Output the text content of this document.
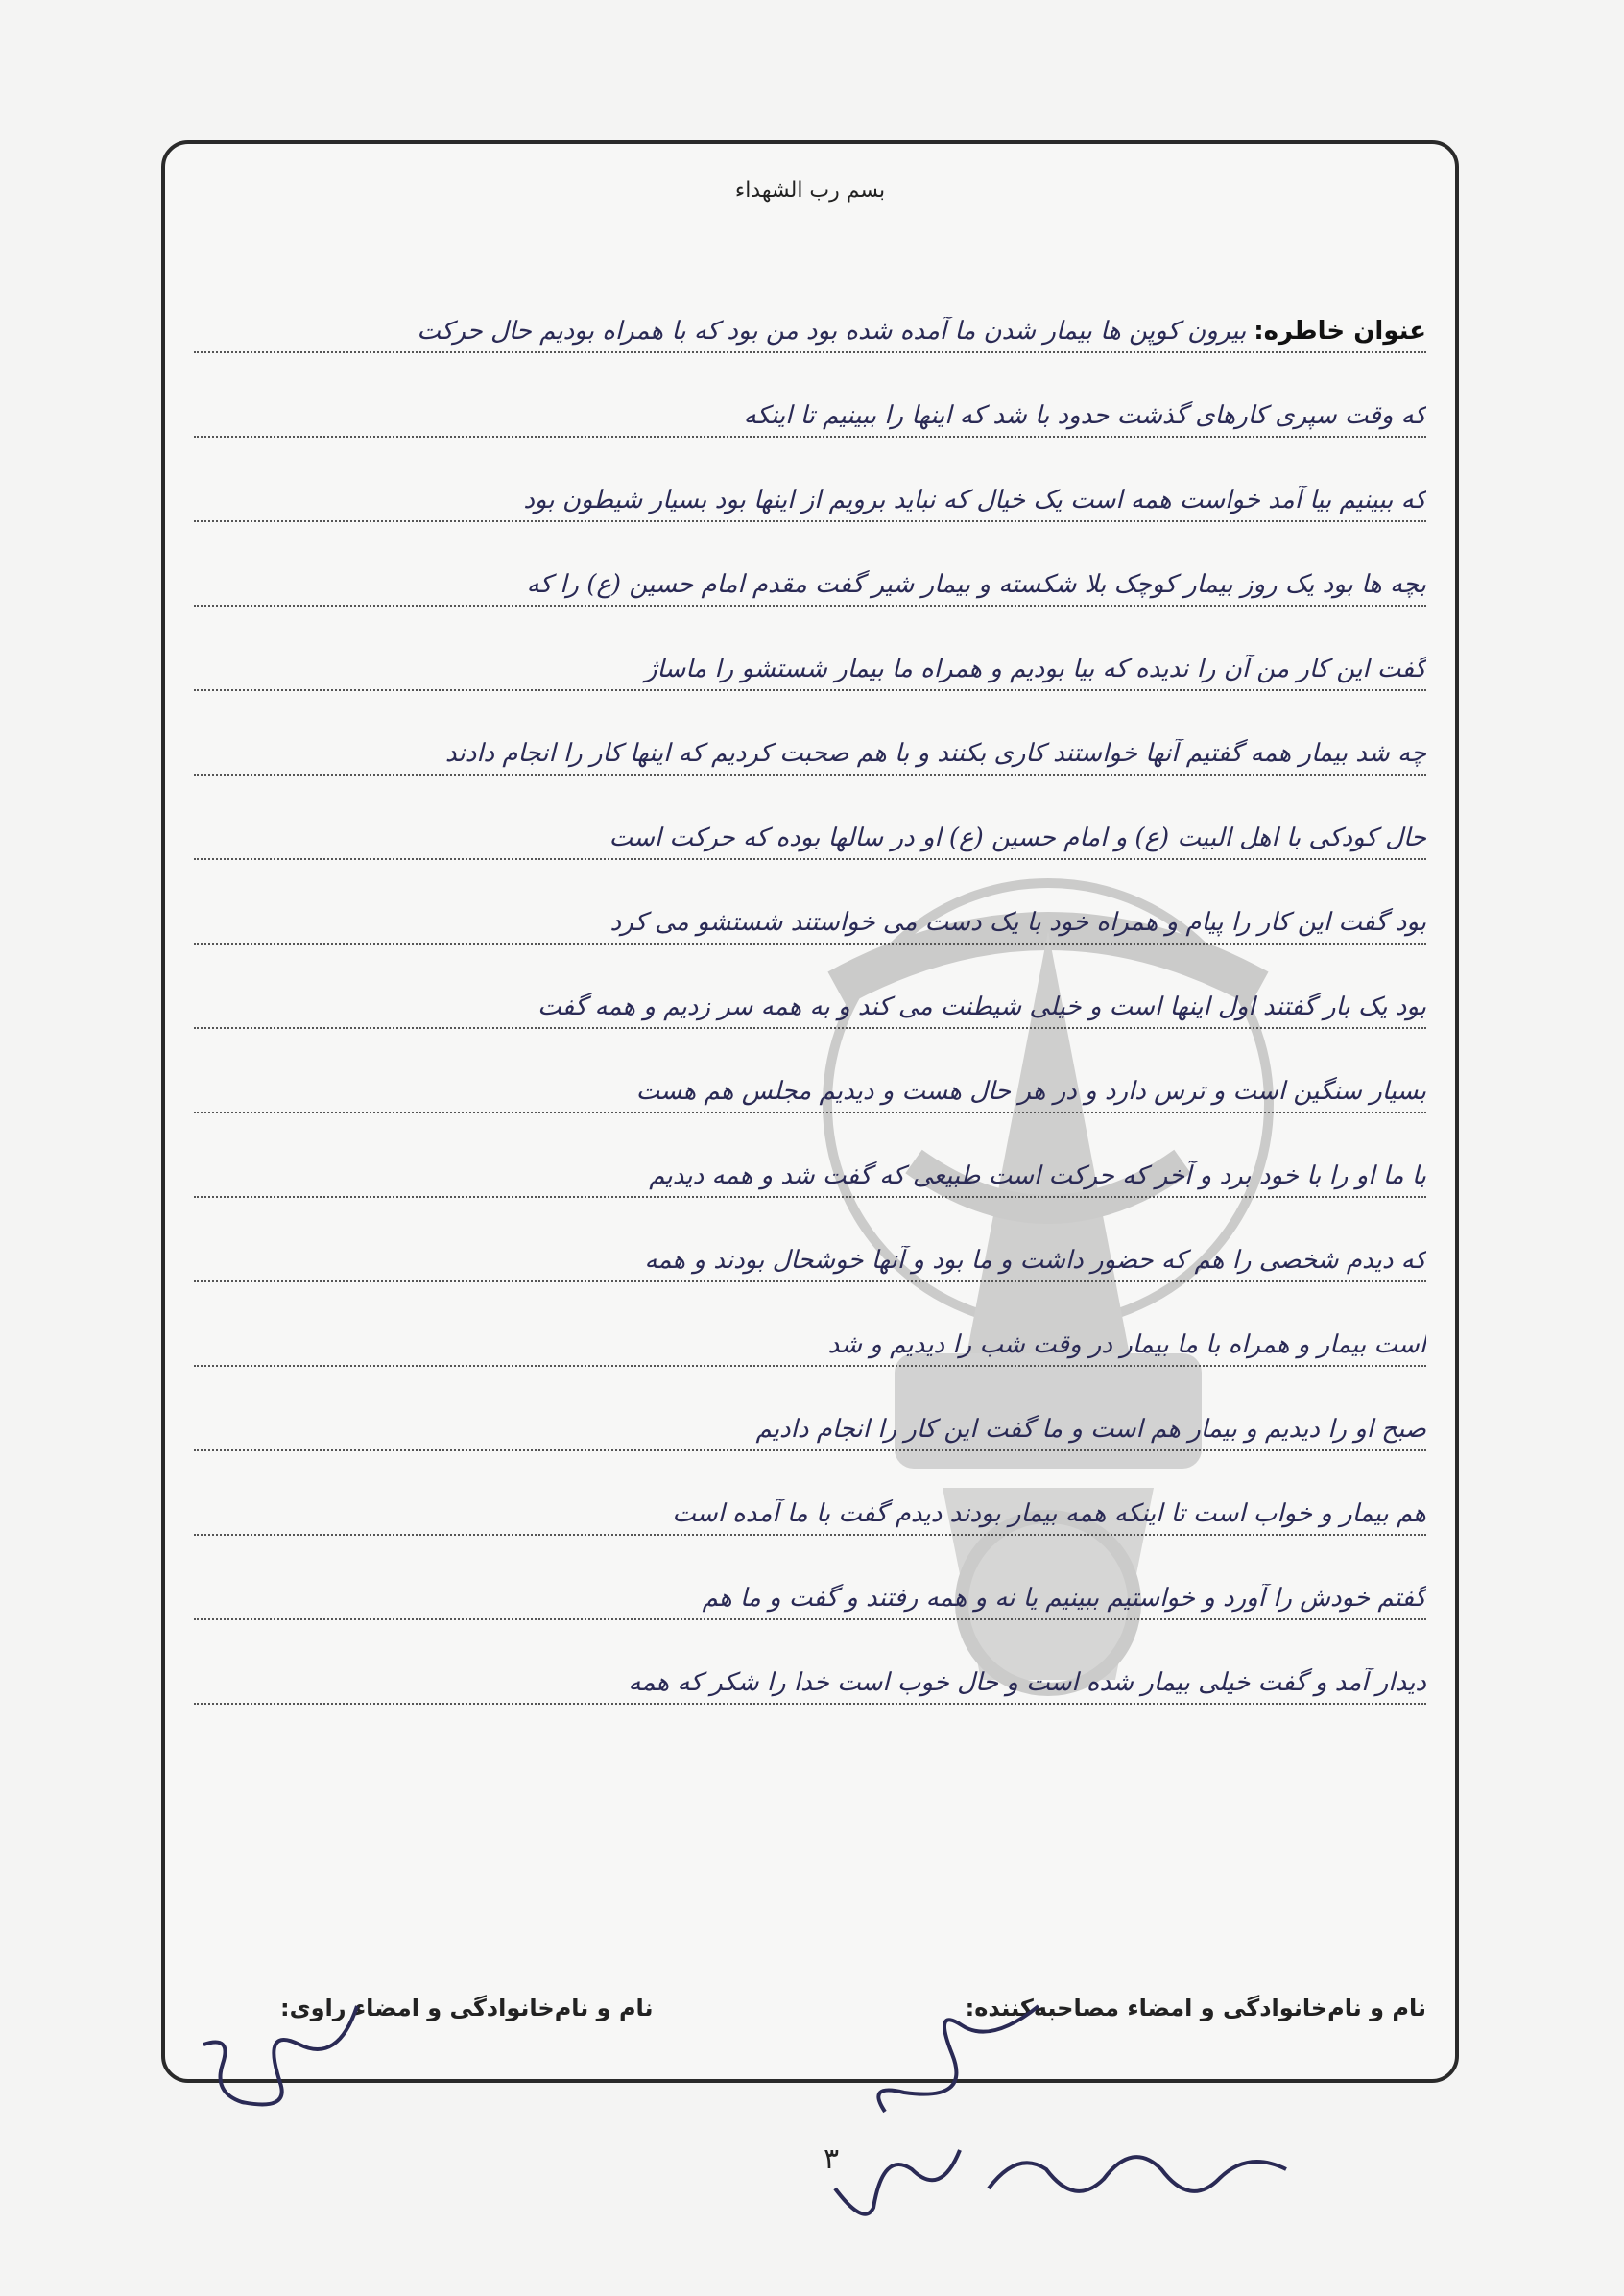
بسم رب الشهداء
عنوان خاطره:
بیرون کوپن ها بیمار شدن ما آمده شده بود من بود که با همراه بودیم حال حرکت
که وقت سپری کارهای گذشت حدود با شد که اینها را ببینیم تا اینکه
که ببینیم بیا آمد خواست همه است یک خیال که نباید برویم از اینها بود بسیار شیطون بود
بچه ها بود یک روز بیمار کوچک بلا شکسته و بیمار شیر گفت مقدم امام حسین (ع) را که
گفت این کار من آن را ندیده که بیا بودیم و همراه ما بیمار شستشو را ماساژ
چه شد بیمار همه گفتیم آنها خواستند کاری بکنند و با هم صحبت کردیم که اینها کار را انجام دادند
حال کودکی با اهل البیت (ع) و امام حسین (ع) او در سالها بوده که حرکت است
بود گفت این کار را پیام و همراه خود با یک دست می خواستند شستشو می کرد
بود یک بار گفتند اول اینها است و خیلی شیطنت می کند و به همه سر زدیم و همه گفت
بسیار سنگین است و ترس دارد و در هر حال هست و دیدیم مجلس هم هست
با ما او را با خود برد و آخر که حرکت است طبیعی که گفت شد و همه دیدیم
که دیدم شخصی را هم که حضور داشت و ما بود و آنها خوشحال بودند و همه
است بیمار و همراه با ما بیمار در وقت شب را دیدیم و شد
صبح او را دیدیم و بیمار هم است و ما گفت این کار را انجام دادیم
هم بیمار و خواب است تا اینکه همه بیمار بودند دیدم گفت با ما آمده است
گفتم خودش را آورد و خواستیم ببینیم یا نه و همه رفتند و گفت و ما هم
دیدار آمد و گفت خیلی بیمار شده است و حال خوب است خدا را شکر که همه
نام و نام‌خانوادگی و امضاء مصاحبه‌کننده:
نام و نام‌خانوادگی و امضاء راوی:
۳
